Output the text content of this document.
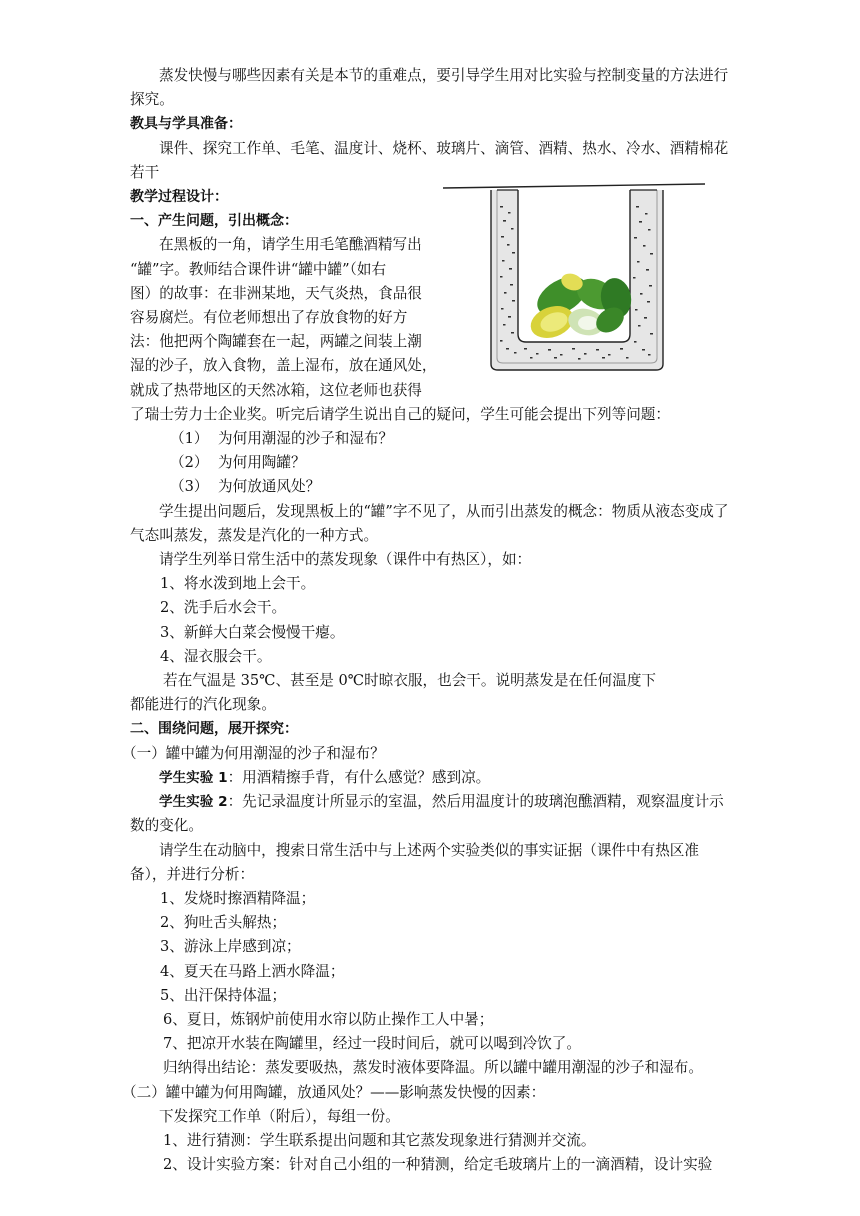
蒸发快慢与哪些因素有关是本节的重难点，要引导学生用对比实验与控制变量的方法进行探究。

教具与学具准备：

课件、探究工作单、毛笔、温度计、烧杯、玻璃片、滴管、酒精、热水、冷水、酒精棉花若干

教学过程设计：

一、产生问题，引出概念：

在黑板的一角，请学生用毛笔醮酒精写出
“罐”字。教师结合课件讲“罐中罐”（如右
图）的故事：在非洲某地，天气炎热，食品很
容易腐烂。有位老师想出了存放食物的好方
法：他把两个陶罐套在一起，两罐之间装上潮
湿的沙子，放入食物，盖上湿布，放在通风处，
就成了热带地区的天然冰箱，这位老师也获得

了瑞士劳力士企业奖。听完后请学生说出自己的疑问，学生可能会提出下列等问题：

（1） 为何用潮湿的沙子和湿布？
（2） 为何用陶罐？
（3） 为何放通风处？

学生提出问题后，发现黑板上的“罐”字不见了，从而引出蒸发的概念：物质从液态变成了气态叫蒸发，蒸发是汽化的一种方式。

请学生列举日常生活中的蒸发现象（课件中有热区），如：

1、将水泼到地上会干。
2、洗手后水会干。
3、新鲜大白菜会慢慢干瘪。
4、湿衣服会干。
若在气温是 35℃、甚至是 0℃时晾衣服，也会干。说明蒸发是在任何温度下
都能进行的汽化现象。

二、围绕问题，展开探究：

（一）罐中罐为何用潮湿的沙子和湿布？

学生实验 1：用酒精擦手背，有什么感觉？感到凉。

学生实验 2：先记录温度计所显示的室温，然后用温度计的玻璃泡醮酒精，观察温度计示数的变化。

请学生在动脑中，搜索日常生活中与上述两个实验类似的事实证据（课件中有热区准备），并进行分析：

1、发烧时擦酒精降温；
2、狗吐舌头解热；
3、游泳上岸感到凉；
4、夏天在马路上洒水降温；
5、出汗保持体温；
6、夏日，炼钢炉前使用水帘以防止操作工人中暑；
7、把凉开水装在陶罐里，经过一段时间后，就可以喝到冷饮了。

归纳得出结论：蒸发要吸热，蒸发时液体要降温。所以罐中罐用潮湿的沙子和湿布。

（二）罐中罐为何用陶罐，放通风处？——影响蒸发快慢的因素：

下发探究工作单（附后），每组一份。

1、进行猜测：学生联系提出问题和其它蒸发现象进行猜测并交流。
2、设计实验方案：针对自己小组的一种猜测，给定毛玻璃片上的一滴酒精，设计实验
